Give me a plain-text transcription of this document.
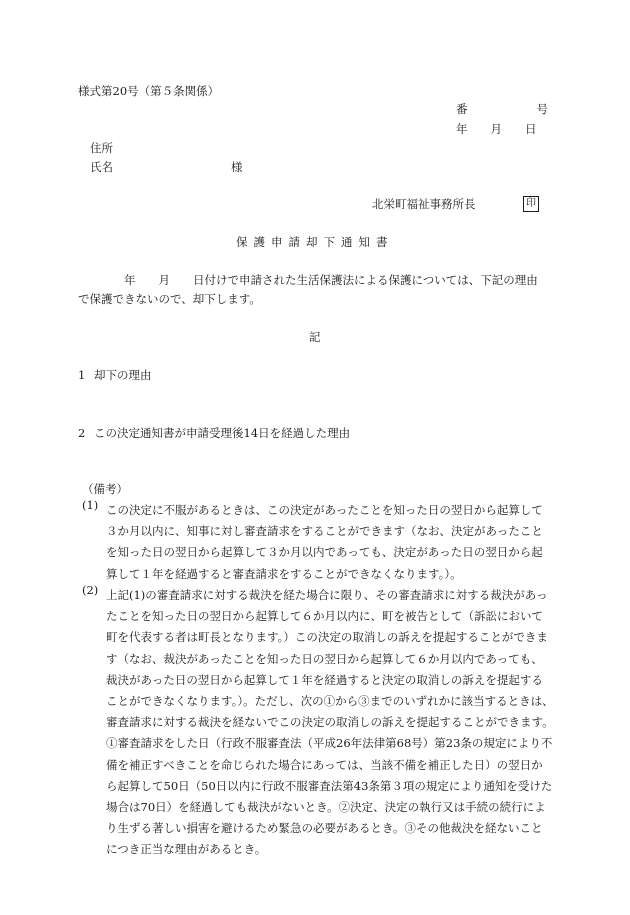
様式第20号（第５条関係）
番　　　　　　号
年　　月　　日
住所
氏名	様
北栄町福祉事務所長	印
保護申請却下通知書
年　　月　　日付けで申請された生活保護法による保護については、下記の理由
で保護できないので、却下します。
記
1 却下の理由
2 この決定通知書が申請受理後14日を経過した理由
（備考）
(1) この決定に不服があるときは、この決定があったことを知った日の翌日から起算して３か月以内に、知事に対し審査請求をすることができます（なお、決定があったことを知った日の翌日から起算して３か月以内であっても、決定があった日の翌日から起算して１年を経過すると審査請求をすることができなくなります。）。
(2) 上記(1)の審査請求に対する裁決を経た場合に限り、その審査請求に対する裁決があったことを知った日の翌日から起算して６か月以内に、町を被告として（訴訟において町を代表する者は町長となります。）この決定の取消しの訴えを提起することができます（なお、裁決があったことを知った日の翌日から起算して６か月以内であっても、裁決があった日の翌日から起算して１年を経過すると決定の取消しの訴えを提起することができなくなります。）。ただし、次の①から③までのいずれかに該当するときは、審査請求に対する裁決を経ないでこの決定の取消しの訴えを提起することができます。①審査請求をした日（行政不服審査法（平成26年法律第68号）第23条の規定により不備を補正すべきことを命じられた場合にあっては、当該不備を補正した日）の翌日から起算して50日（50日以内に行政不服審査法第43条第３項の規定により通知を受けた場合は70日）を経過しても裁決がないとき。②決定、決定の執行又は手続の続行により生ずる著しい損害を避けるため緊急の必要があるとき。③その他裁決を経ないことにつき正当な理由があるとき。
